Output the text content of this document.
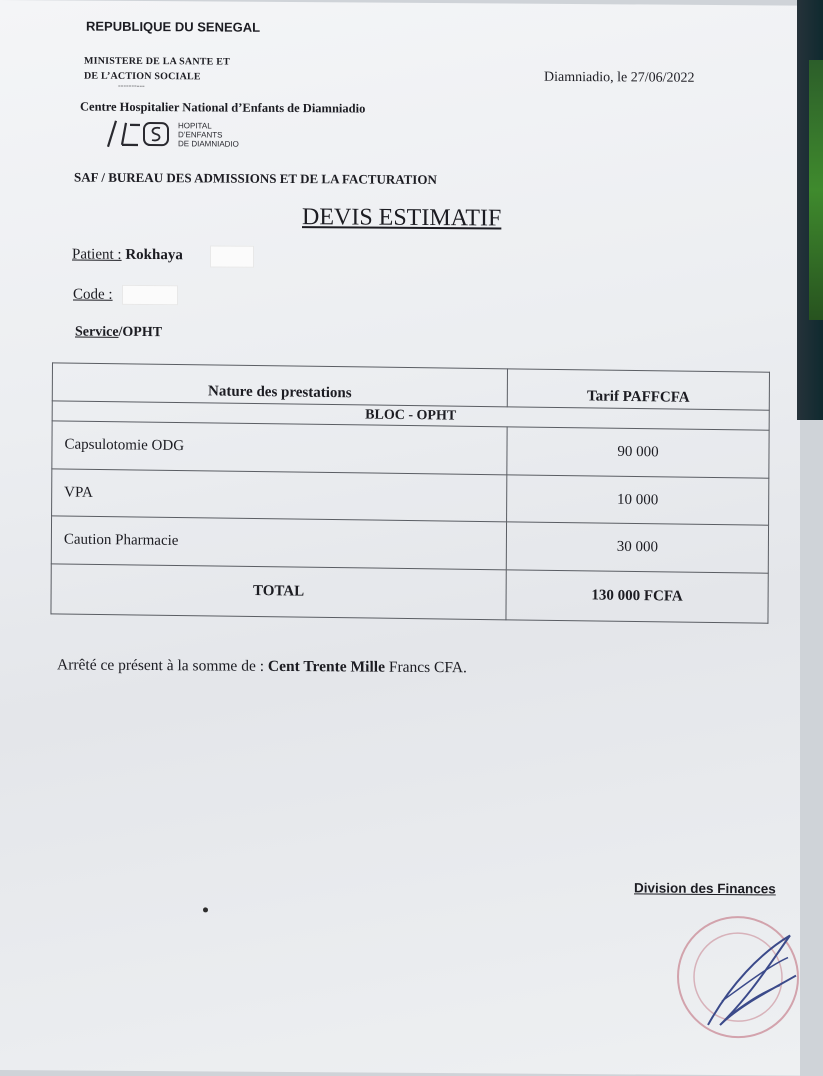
REPUBLIQUE DU SENEGAL
MINISTERE DE LA SANTE ET
DE L’ACTION SOCIALE
----------
Centre Hospitalier National d’Enfants de Diamniadio
HOPITAL
D’ENFANTS
DE DIAMNIADIO
Diamniadio, le 27/06/2022
SAF / BUREAU DES ADMISSIONS ET DE LA FACTURATION
DEVIS ESTIMATIF
Patient : Rokhaya
Code :
Service/OPHT
Nature des prestations	Tarif PAFFCFA
BLOC - OPHT	
Capsulotomie ODG	90 000
VPA	10 000
Caution Pharmacie	30 000
TOTAL	130 000 FCFA
Arrêté ce présent à la somme de : Cent Trente Mille Francs CFA.
Division des Finances
